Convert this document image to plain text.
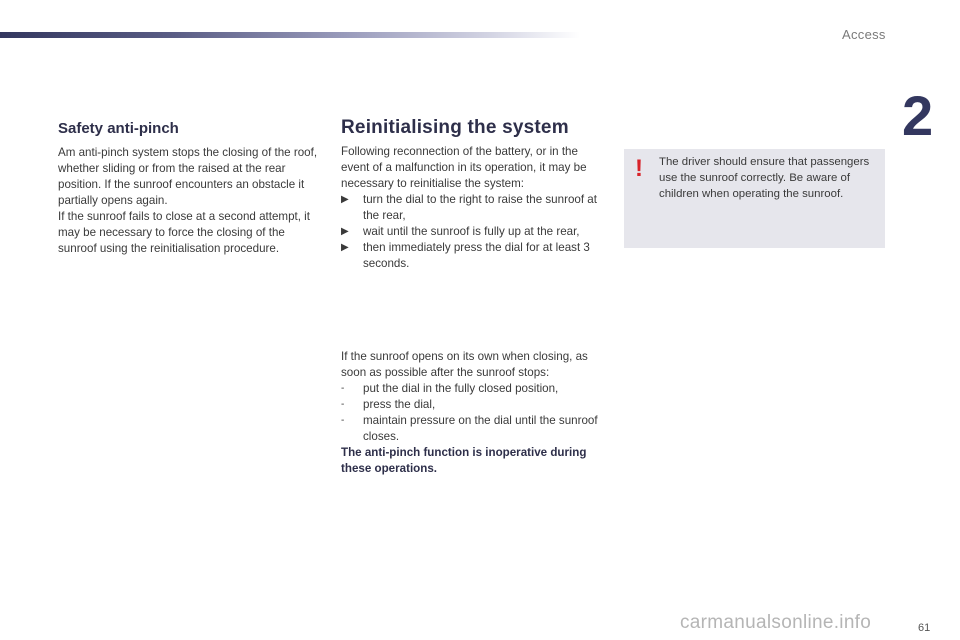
Access
2
Safety anti-pinch

Am anti-pinch system stops the closing of the roof, whether sliding or from the raised at the rear position. If the sunroof encounters an obstacle it partially opens again.

If the sunroof fails to close at a second attempt, it may be necessary to force the closing of the sunroof using the reinitialisation procedure.

Reinitialising the system

Following reconnection of the battery, or in the event of a malfunction in its operation, it may be necessary to reinitialise the system:

▶	turn the dial to the right to raise the sunroof at the rear,
▶	wait until the sunroof is fully up at the rear,
▶	then immediately press the dial for at least 3 seconds.

If the sunroof opens on its own when closing, as soon as possible after the sunroof stops:

-	put the dial in the fully closed position,
-	press the dial,
-	maintain pressure on the dial until the sunroof closes.

The anti-pinch function is inoperative during these operations.

! The driver should ensure that passengers use the sunroof correctly. Be aware of children when operating the sunroof.
carmanualsonline.info	61
